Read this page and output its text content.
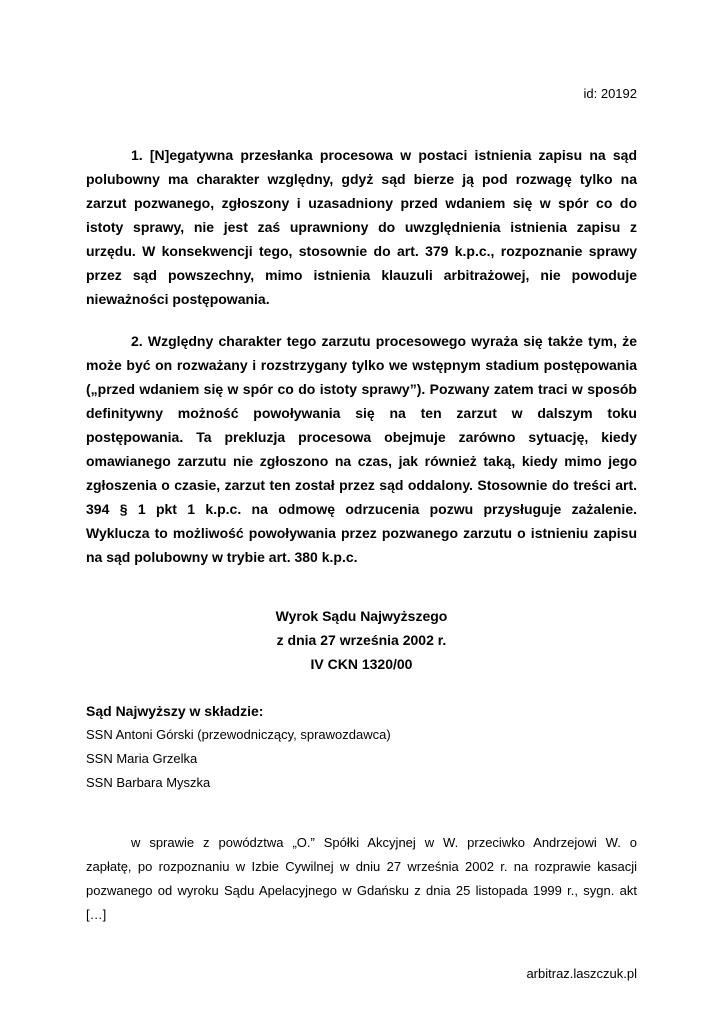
id: 20192
1. [N]egatywna przesłanka procesowa w postaci istnienia zapisu na sąd
polubowny ma charakter względny, gdyż sąd bierze ją pod rozwagę tylko na
zarzut pozwanego, zgłoszony i uzasadniony przed wdaniem się w spór co do
istoty sprawy, nie jest zaś uprawniony do uwzględnienia istnienia zapisu z
urzędu. W konsekwencji tego, stosownie do art. 379 k.p.c., rozpoznanie sprawy
przez sąd powszechny, mimo istnienia klauzuli arbitrażowej, nie powoduje
nieważności postępowania.
2. Względny charakter tego zarzutu procesowego wyraża się także tym, że
może być on rozważany i rozstrzygany tylko we wstępnym stadium postępowania
(„przed wdaniem się w spór co do istoty sprawy”). Pozwany zatem traci w sposób
definitywny możność powoływania się na ten zarzut w dalszym toku
postępowania. Ta prekluzja procesowa obejmuje zarówno sytuację, kiedy
omawianego zarzutu nie zgłoszono na czas, jak również taką, kiedy mimo jego
zgłoszenia o czasie, zarzut ten został przez sąd oddalony. Stosownie do treści art.
394 § 1 pkt 1 k.p.c. na odmowę odrzucenia pozwu przysługuje zażalenie.
Wyklucza to możliwość powoływania przez pozwanego zarzutu o istnieniu zapisu
na sąd polubowny w trybie art. 380 k.p.c.
Wyrok Sądu Najwyższego
z dnia 27 września 2002 r.
IV CKN 1320/00
Sąd Najwyższy w składzie:
SSN Antoni Górski (przewodniczący, sprawozdawca)
SSN Maria Grzelka
SSN Barbara Myszka
w sprawie z powództwa „O.” Spółki Akcyjnej w W. przeciwko Andrzejowi W. o
zapłatę, po rozpoznaniu w Izbie Cywilnej w dniu 27 września 2002 r. na rozprawie kasacji
pozwanego od wyroku Sądu Apelacyjnego w Gdańsku z dnia 25 listopada 1999 r., sygn. akt
[…]
arbitraz.laszczuk.pl
